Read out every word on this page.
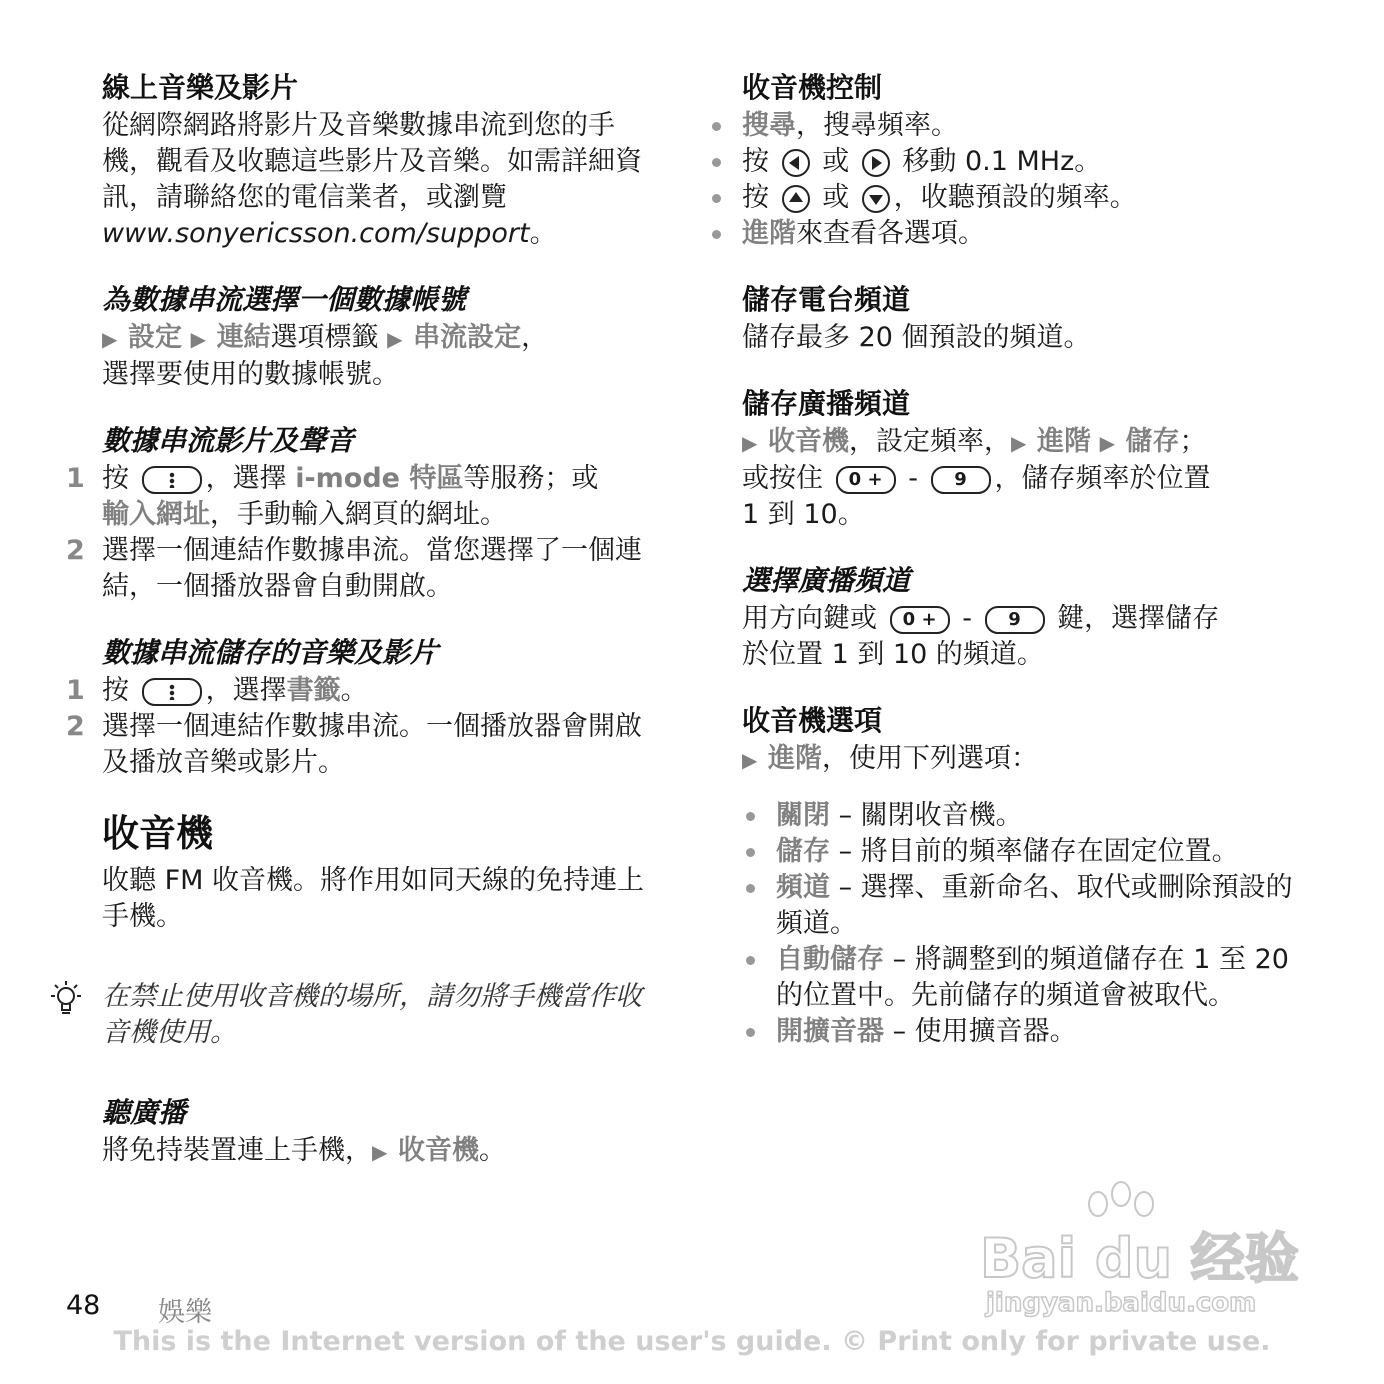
線上音樂及影片

從網際網路將影片及音樂數據串流到您的手機，觀看及收聽這些影片及音樂。如需詳細資訊，請聯絡您的電信業者，或瀏覽
www.sonyericsson.com/support。

為數據串流選擇一個數據帳號

▶ 設定 ▶ 連結選項標籤 ▶ 串流設定，
選擇要使用的數據帳號。

數據串流影片及聲音
1 按	，選擇 i-mode 特區等服務；或
輸入網址，手動輸入網頁的網址。
2 選擇一個連結作數據串流。當您選擇了一個連結，一個播放器會自動開啟。
數據串流儲存的音樂及影片
1 按	，選擇書籤。
2 選擇一個連結作數據串流。一個播放器會開啟及播放音樂或影片。
收音機

收聽 FM 收音機。將作用如同天線的免持連上手機。

在禁止使用收音機的場所，請勿將手機當作收音機使用。

聽廣播

將免持裝置連上手機，▶ 收音機。

收音機控制
搜尋，搜尋頻率。
按 或 移動 0.1 MHz。
按 或 ，收聽預設的頻率。
進階來查看各選項。
儲存電台頻道

儲存最多 20 個預設的頻道。

儲存廣播頻道

▶ 收音機，設定頻率，▶ 進階 ▶ 儲存；
或按住 0 + - 9 ，儲存頻率於位置
1 到 10。

選擇廣播頻道

用方向鍵或 0 + - 9 鍵，選擇儲存
於位置 1 到 10 的頻道。

收音機選項

▶ 進階，使用下列選項：

關閉 – 關閉收音機。
儲存 – 將目前的頻率儲存在固定位置。
頻道 – 選擇、重新命名、取代或刪除預設的頻道。
自動儲存 – 將調整到的頻道儲存在 1 至 20 的位置中。先前儲存的頻道會被取代。
開擴音器 – 使用擴音器。
Bai du 经验
jingyan.baidu.com
48 娛樂
This is the Internet version of the user's guide. © Print only for private use.
